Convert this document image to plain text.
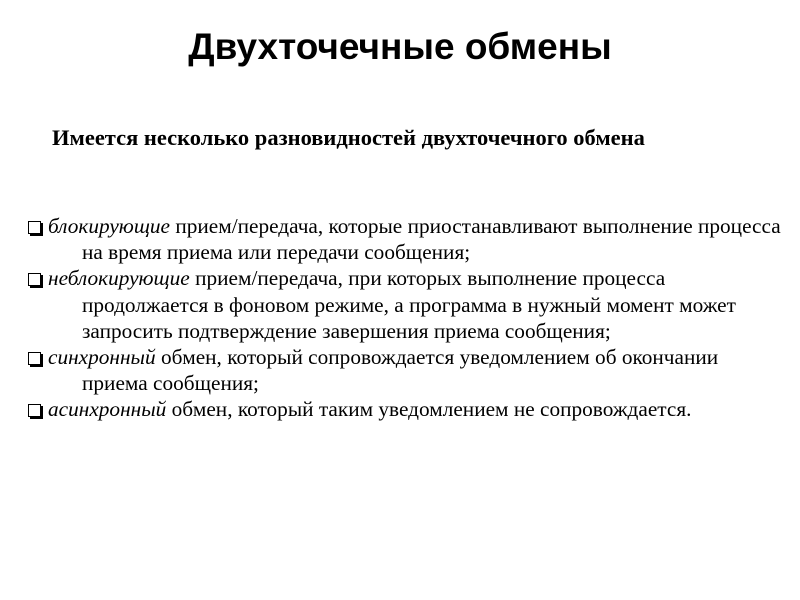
Двухточечные обмены
Имеется несколько разновидностей двухточечного обмена
блокирующие прием/передача, которые приостанавливают выполнение процесса на время приема или передачи сообщения;
неблокирующие прием/передача, при которых выполнение процесса продолжается в фоновом режиме, а программа в нужный момент может запросить подтверждение завершения приема сообщения;
синхронный обмен, который сопровождается уведомлением об окончании приема сообщения;
асинхронный обмен, который таким уведомлением не сопровождается.
